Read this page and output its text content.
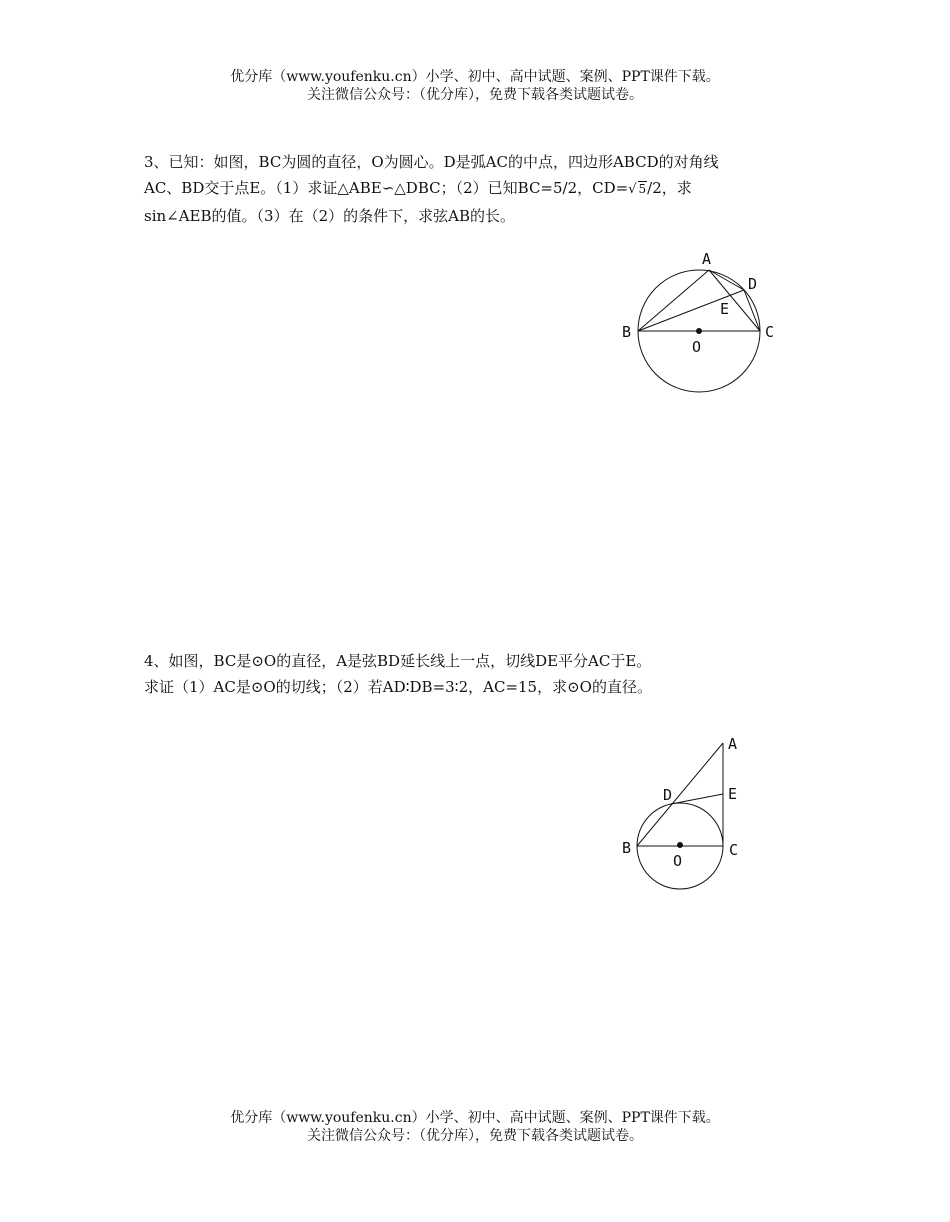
优分库（www.youfenku.cn）小学、初中、高中试题、案例、PPT课件下载。
关注微信公众号：（优分库），免费下载各类试题试卷。
3、已知：如图，BC为圆的直径，O为圆心。D是弧AC的中点，四边形ABCD的对角线
AC、BD交于点E。（1）求证△ABE∽△DBC；（2）已知BC=5/2，CD=√ 5/2，求
sin∠AEB的值。（3）在（2）的条件下，求弦AB的长。
A
D
E
B	C
O
4、如图，BC是⊙O的直径，A是弦BD延长线上一点，切线DE平分AC于E。
求证（1）AC是⊙O的切线；（2）若AD∶DB=3∶2，AC=15，求⊙O的直径。
A
D	E
B	C
O
优分库（www.youfenku.cn）小学、初中、高中试题、案例、PPT课件下载。
关注微信公众号：（优分库），免费下载各类试题试卷。
